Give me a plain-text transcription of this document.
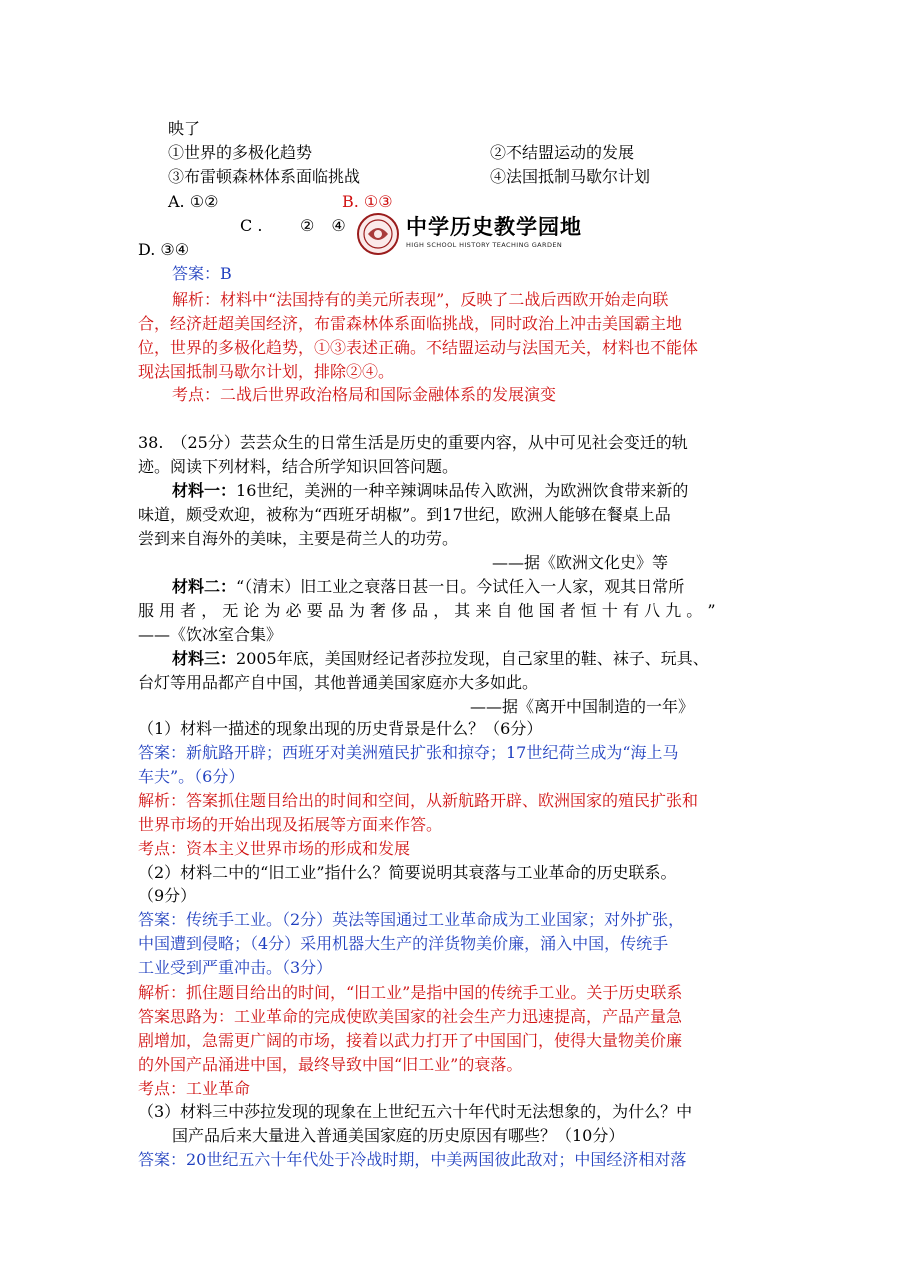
映了
①世界的多极化趋势	②不结盟运动的发展
③布雷顿森林体系面临挑战	④法国抵制马歇尔计划
A. ①②	B. ①③
C . ② ④	中学历史教学园地
HIGH SCHOOL HISTORY TEACHING GARDEN
D. ③④
答案：B
解析：材料中“法国持有的美元所表现”，反映了二战后西欧开始走向联
合，经济赶超美国经济，布雷森林体系面临挑战，同时政治上冲击美国霸主地
位，世界的多极化趋势，①③表述正确。不结盟运动与法国无关，材料也不能体
现法国抵制马歇尔计划，排除②④。
考点：二战后世界政治格局和国际金融体系的发展演变
38.　（25分）芸芸众生的日常生活是历史的重要内容，从中可见社会变迁的轨
迹。阅读下列材料，结合所学知识回答问题。
材料一：16世纪，美洲的一种辛辣调味品传入欧洲，为欧洲饮食带来新的
味道，颇受欢迎，被称为“西班牙胡椒”。到17世纪，欧洲人能够在餐桌上品
尝到来自海外的美味，主要是荷兰人的功劳。
——据《欧洲文化史》等
材料二：“（清末）旧工业之衰落日甚一日。今试任入一人家，观其日常所
服 用 者 ， 无 论 为 必 要 品 为 奢 侈 品 ， 其 来 自 他 国 者 恒 十 有 八 九 。 ”
——《饮冰室合集》
材料三：2005年底，美国财经记者莎拉发现，自己家里的鞋、袜子、玩具、
台灯等用品都产自中国，其他普通美国家庭亦大多如此。
——据《离开中国制造的一年》
（1）材料一描述的现象出现的历史背景是什么？（6分）
答案：新航路开辟；西班牙对美洲殖民扩张和掠夺；17世纪荷兰成为“海上马
车夫”。（6分）
解析：答案抓住题目给出的时间和空间，从新航路开辟、欧洲国家的殖民扩张和
世界市场的开始出现及拓展等方面来作答。
考点：资本主义世界市场的形成和发展
（2）材料二中的“旧工业”指什么？简要说明其衰落与工业革命的历史联系。
（9分）
答案：传统手工业。（2分）英法等国通过工业革命成为工业国家；对外扩张，
中国遭到侵略；（4分）采用机器大生产的洋货物美价廉，涌入中国，传统手
工业受到严重冲击。（3分）
解析：抓住题目给出的时间，“旧工业”是指中国的传统手工业。关于历史联系
答案思路为：工业革命的完成使欧美国家的社会生产力迅速提高，产品产量急
剧增加，急需更广阔的市场，接着以武力打开了中国国门，使得大量物美价廉
的外国产品涌进中国，最终导致中国“旧工业”的衰落。
考点：工业革命
（3）材料三中莎拉发现的现象在上世纪五六十年代时无法想象的，为什么？中
国产品后来大量进入普通美国家庭的历史原因有哪些？（10分）
答案：20世纪五六十年代处于冷战时期，中美两国彼此敌对；中国经济相对落
